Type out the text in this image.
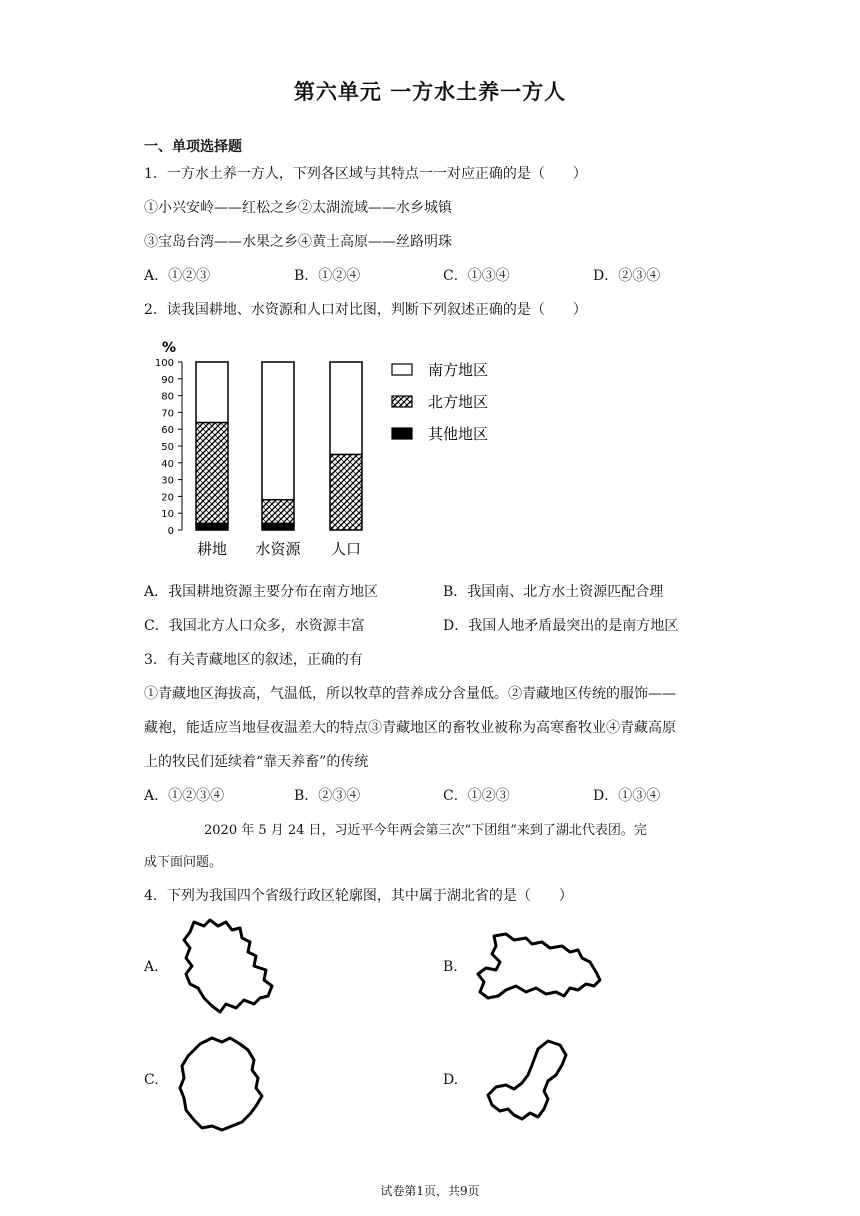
第六单元 一方水土养一方人
一、单项选择题
1．一方水土养一方人，下列各区域与其特点一一对应正确的是（　　）
①小兴安岭——红松之乡②太湖流域——水乡城镇
③宝岛台湾——水果之乡④黄土高原——丝路明珠
A．①②③	B．①②④	C．①③④	D．②③④
2．读我国耕地、水资源和人口对比图，判断下列叙述正确的是（　　）
%
0
10
20
30
40
50
60
70
80
90
100
耕地 水资源 人口
南方地区
北方地区
其他地区
A．我国耕地资源主要分布在南方地区	B．我国南、北方水土资源匹配合理
C．我国北方人口众多，水资源丰富	D．我国人地矛盾最突出的是南方地区
3．有关青藏地区的叙述，正确的有
①青藏地区海拔高，气温低，所以牧草的营养成分含量低。②青藏地区传统的服饰——
藏袍，能适应当地昼夜温差大的特点③青藏地区的畜牧业被称为高寒畜牧业④青藏高原
上的牧民们延续着“靠天养畜”的传统
A．①②③④	B．②③④	C．①②③	D．①③④
2020 年 5 月 24 日，习近平今年两会第三次“下团组”来到了湖北代表团。完
成下面问题。
4．下列为我国四个省级行政区轮廓图，其中属于湖北省的是（　　）
A.	B.
C.	D.
试卷第1页，共9页
